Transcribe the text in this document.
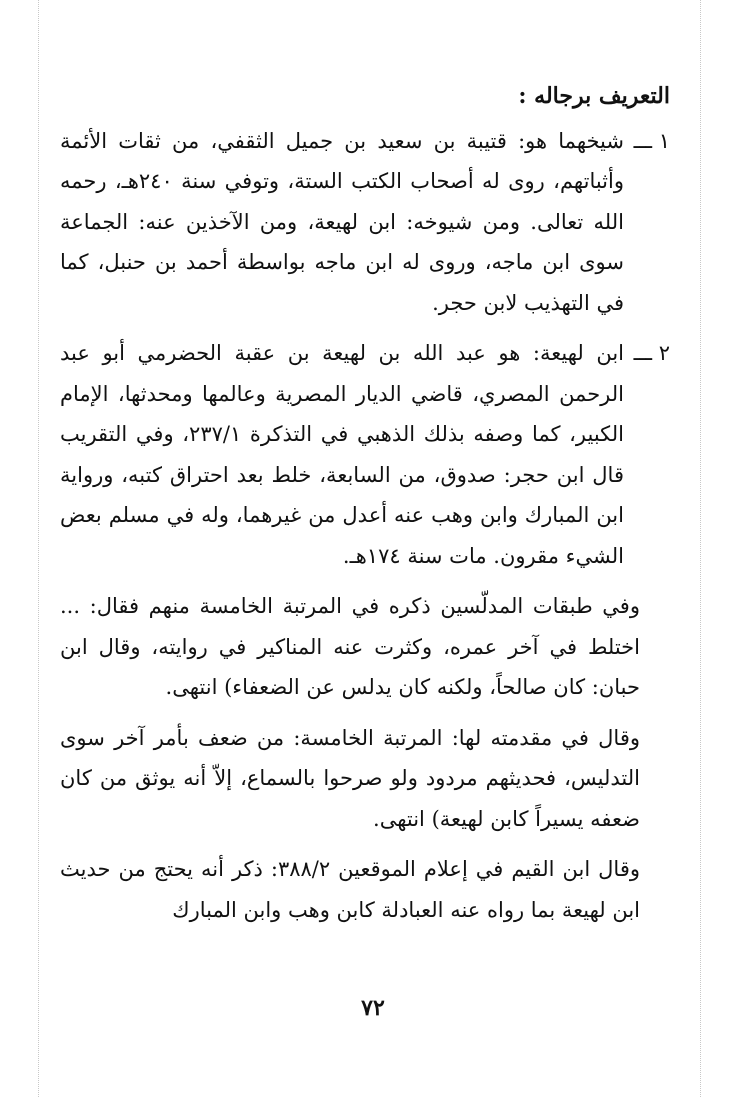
التعريف برجاله :
١ ـــ
شيخهما هو: قتيبة بن سعيد بن جميل الثقفي، من ثقات الأئمة وأثباتهم، روى له أصحاب الكتب الستة، وتوفي سنة ٢٤٠هـ، رحمه الله تعالى. ومن شيوخه: ابن لهيعة، ومن الآخذين عنه: الجماعة سوى ابن ماجه، وروى له ابن ماجه بواسطة أحمد بن حنبل، كما في التهذيب لابن حجر.
٢ ـــ
ابن لهيعة: هو عبد الله بن لهيعة بن عقبة الحضرمي أبو عبد الرحمن المصري، قاضي الديار المصرية وعالمها ومحدثها، الإمام الكبير، كما وصفه بذلك الذهبي في التذكرة ٢٣٧/١، وفي التقريب قال ابن حجر: صدوق، من السابعة، خلط بعد احتراق كتبه، ورواية ابن المبارك وابن وهب عنه أعدل من غيرهما، وله في مسلم بعض الشيء مقرون. مات سنة ١٧٤هـ.

وفي طبقات المدلّسين ذكره في المرتبة الخامسة منهم فقال: ... اختلط في آخر عمره، وكثرت عنه المناكير في روايته، وقال ابن حبان: كان صالحاً، ولكنه كان يدلس عن الضعفاء) انتهى.

وقال في مقدمته لها: المرتبة الخامسة: من ضعف بأمر آخر سوى التدليس، فحديثهم مردود ولو صرحوا بالسماع، إلاّ أنه يوثق من كان ضعفه يسيراً كابن لهيعة) انتهى.

وقال ابن القيم في إعلام الموقعين ٣٨٨/٢: ذكر أنه يحتج من حديث ابن لهيعة بما رواه عنه العبادلة كابن وهب وابن المبارك

٧٢
